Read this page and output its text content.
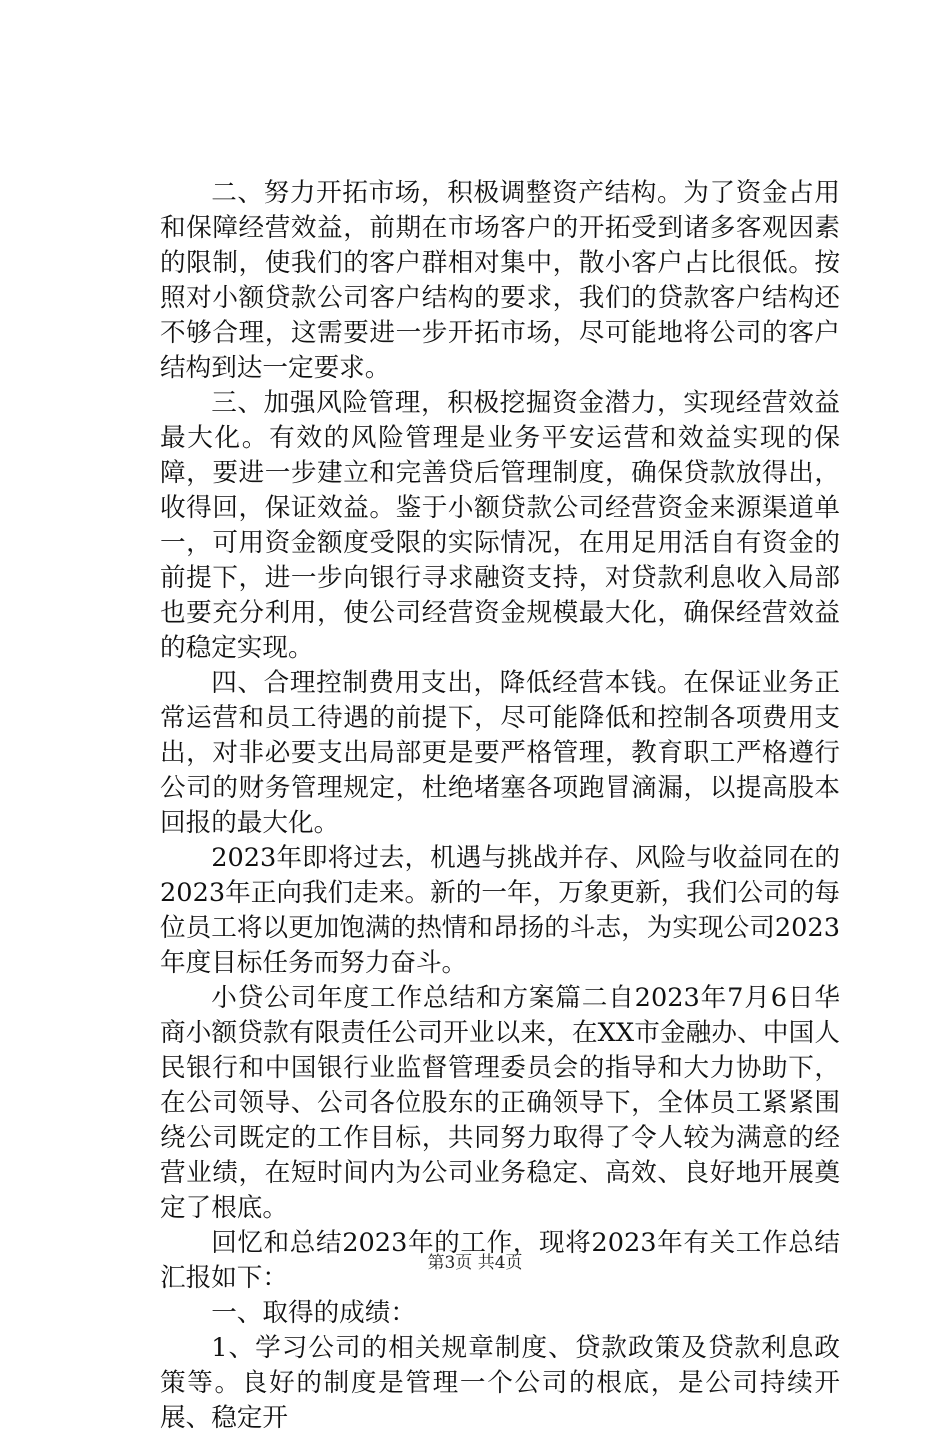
二、努力开拓市场，积极调整资产结构。为了资金占用和保障经营效益，前期在市场客户的开拓受到诸多客观因素的限制，使我们的客户群相对集中，散小客户占比很低。按照对小额贷款公司客户结构的要求，我们的贷款客户结构还不够合理，这需要进一步开拓市场，尽可能地将公司的客户结构到达一定要求。

三、加强风险管理，积极挖掘资金潜力，实现经营效益最大化。有效的风险管理是业务平安运营和效益实现的保障，要进一步建立和完善贷后管理制度，确保贷款放得出，收得回，保证效益。鉴于小额贷款公司经营资金来源渠道单一，可用资金额度受限的实际情况，在用足用活自有资金的前提下，进一步向银行寻求融资支持，对贷款利息收入局部也要充分利用，使公司经营资金规模最大化，确保经营效益的稳定实现。

四、合理控制费用支出，降低经营本钱。在保证业务正常运营和员工待遇的前提下，尽可能降低和控制各项费用支出，对非必要支出局部更是要严格管理，教育职工严格遵行公司的财务管理规定，杜绝堵塞各项跑冒滴漏，以提高股本回报的最大化。

2023年即将过去，机遇与挑战并存、风险与收益同在的2023年正向我们走来。新的一年，万象更新，我们公司的每位员工将以更加饱满的热情和昂扬的斗志，为实现公司2023年度目标任务而努力奋斗。

小贷公司年度工作总结和方案篇二自2023年7月6日华商小额贷款有限责任公司开业以来，在XX市金融办、中国人民银行和中国银行业监督管理委员会的指导和大力协助下，在公司领导、公司各位股东的正确领导下，全体员工紧紧围绕公司既定的工作目标，共同努力取得了令人较为满意的经营业绩，在短时间内为公司业务稳定、高效、良好地开展奠定了根底。

回忆和总结2023年的工作，现将2023年有关工作总结汇报如下：

一、取得的成绩：

1、学习公司的相关规章制度、贷款政策及贷款利息政策等。良好的制度是管理一个公司的根底，是公司持续开展、稳定开

第3页 共4页
